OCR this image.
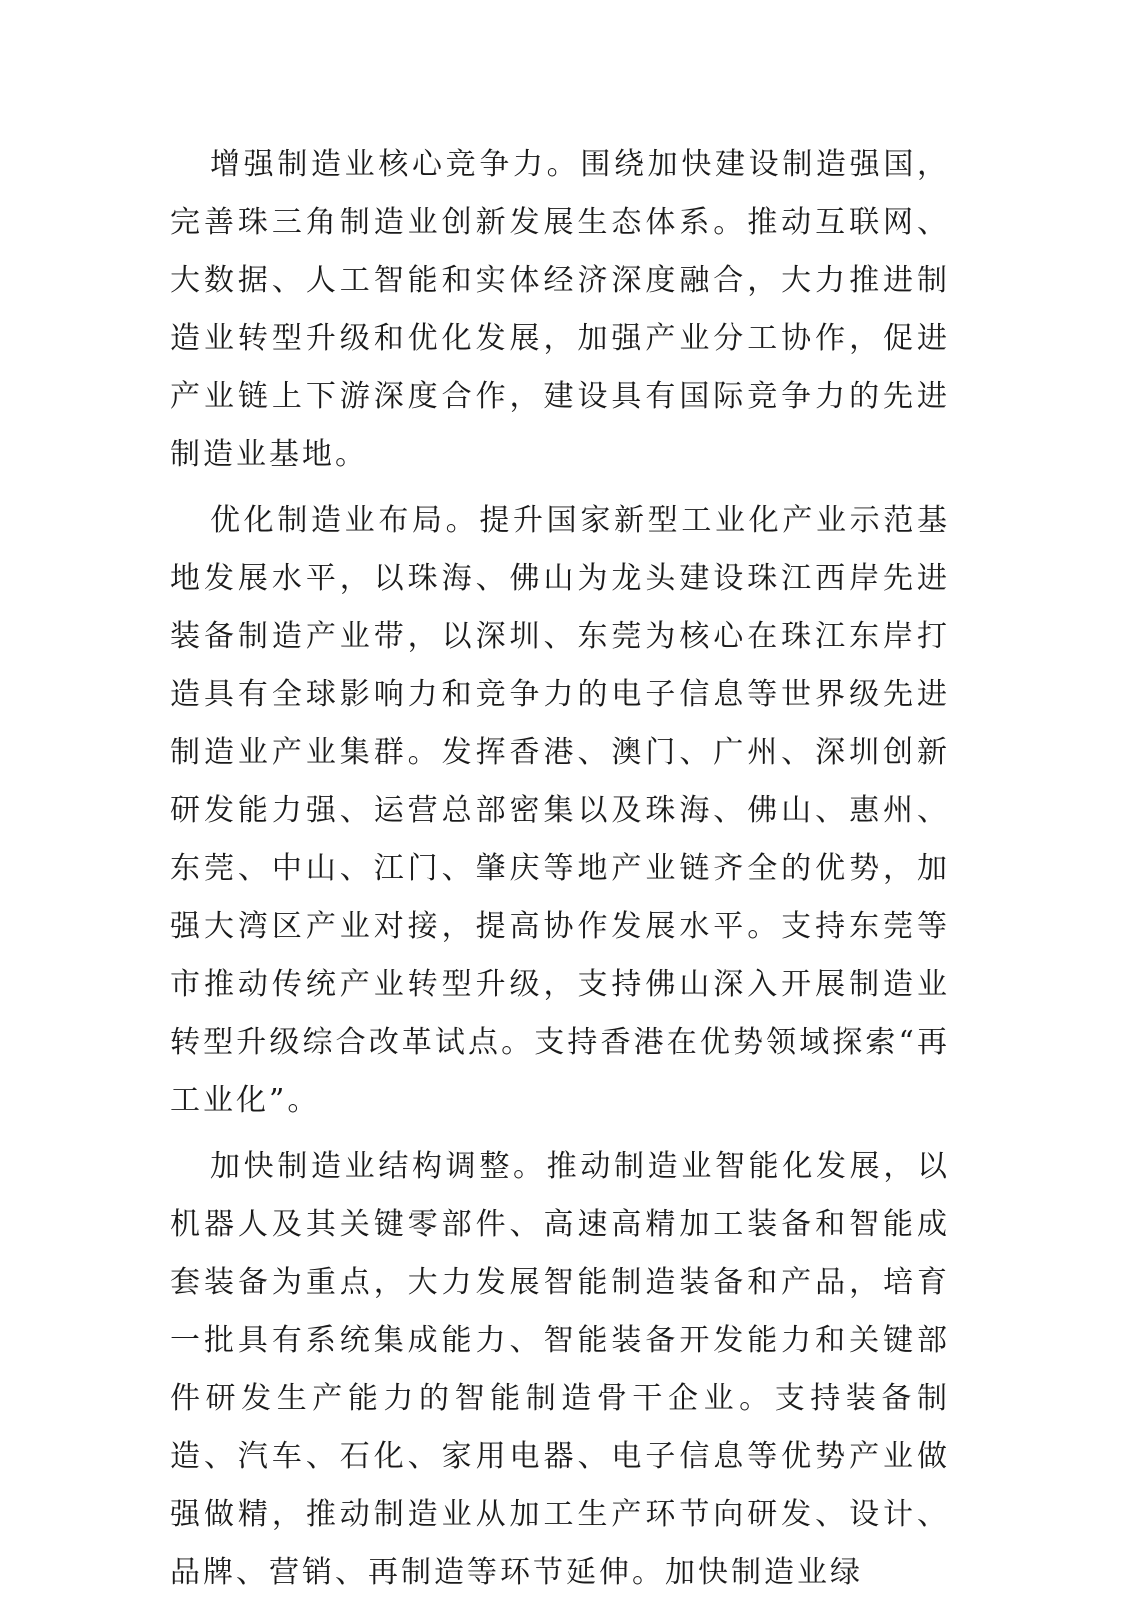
增强制造业核心竞争力。围绕加快建设制造强国，完善珠三角制造业创新发展生态体系。推动互联网、大数据、人工智能和实体经济深度融合，大力推进制造业转型升级和优化发展，加强产业分工协作，促进产业链上下游深度合作，建设具有国际竞争力的先进制造业基地。

优化制造业布局。提升国家新型工业化产业示范基地发展水平，以珠海、佛山为龙头建设珠江西岸先进装备制造产业带，以深圳、东莞为核心在珠江东岸打造具有全球影响力和竞争力的电子信息等世界级先进制造业产业集群。发挥香港、澳门、广州、深圳创新研发能力强、运营总部密集以及珠海、佛山、惠州、东莞、中山、江门、肇庆等地产业链齐全的优势，加强大湾区产业对接，提高协作发展水平。支持东莞等市推动传统产业转型升级，支持佛山深入开展制造业转型升级综合改革试点。支持香港在优势领域探索“再工业化”。

加快制造业结构调整。推动制造业智能化发展，以机器人及其关键零部件、高速高精加工装备和智能成套装备为重点，大力发展智能制造装备和产品，培育一批具有系统集成能力、智能装备开发能力和关键部件研发生产能力的智能制造骨干企业。支持装备制造、汽车、石化、家用电器、电子信息等优势产业做强做精，推动制造业从加工生产环节向研发、设计、品牌、营销、再制造等环节延伸。加快制造业绿
